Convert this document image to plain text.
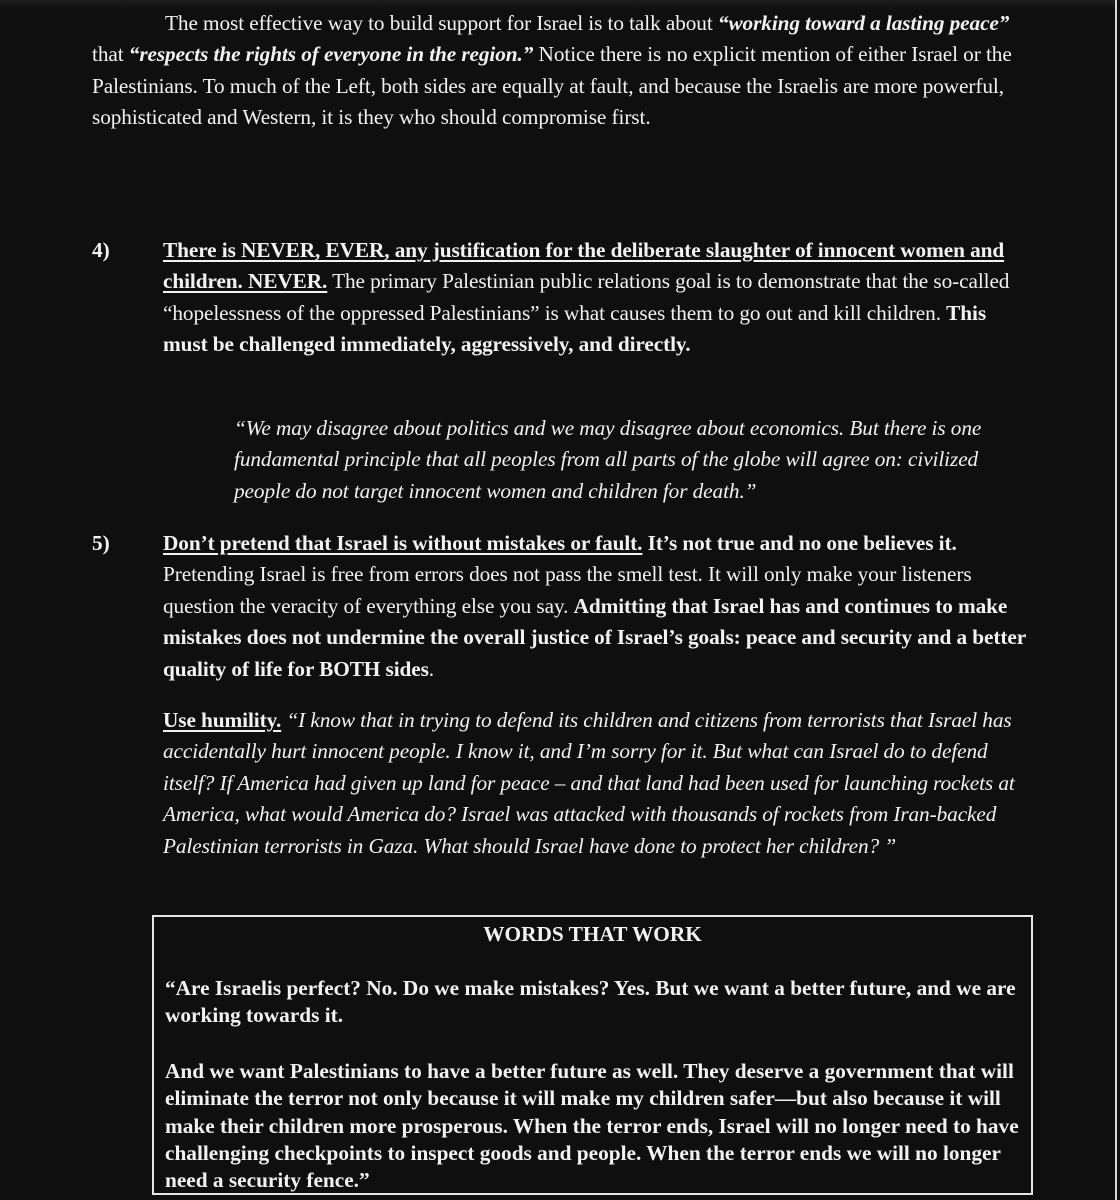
The most effective way to build support for Israel is to talk about “working toward a lasting peace” that “respects the rights of everyone in the region.” Notice there is no explicit mention of either Israel or the Palestinians. To much of the Left, both sides are equally at fault, and because the Israelis are more powerful, sophisticated and Western, it is they who should compromise first.

4)	There is NEVER, EVER, any justification for the deliberate slaughter of innocent women and children. NEVER. The primary Palestinian public relations goal is to demonstrate that the so-called “hopelessness of the oppressed Palestinians” is what causes them to go out and kill children. This must be challenged immediately, aggressively, and directly.

“We may disagree about politics and we may disagree about economics. But there is one fundamental principle that all peoples from all parts of the globe will agree on: civilized people do not target innocent women and children for death.”

5)	Don’t pretend that Israel is without mistakes or fault. It’s not true and no one believes it. Pretending Israel is free from errors does not pass the smell test. It will only make your listeners question the veracity of everything else you say. Admitting that Israel has and continues to make mistakes does not undermine the overall justice of Israel’s goals: peace and security and a better quality of life for BOTH sides.

Use humility. “I know that in trying to defend its children and citizens from terrorists that Israel has accidentally hurt innocent people. I know it, and I’m sorry for it. But what can Israel do to defend itself? If America had given up land for peace – and that land had been used for launching rockets at America, what would America do? Israel was attacked with thousands of rockets from Iran-backed Palestinian terrorists in Gaza. What should Israel have done to protect her children? ”

WORDS THAT WORK

“Are Israelis perfect? No. Do we make mistakes? Yes. But we want a better future, and we are working towards it.

And we want Palestinians to have a better future as well. They deserve a government that will eliminate the terror not only because it will make my children safer—but also because it will make their children more prosperous. When the terror ends, Israel will no longer need to have challenging checkpoints to inspect goods and people. When the terror ends we will no longer need a security fence.”
